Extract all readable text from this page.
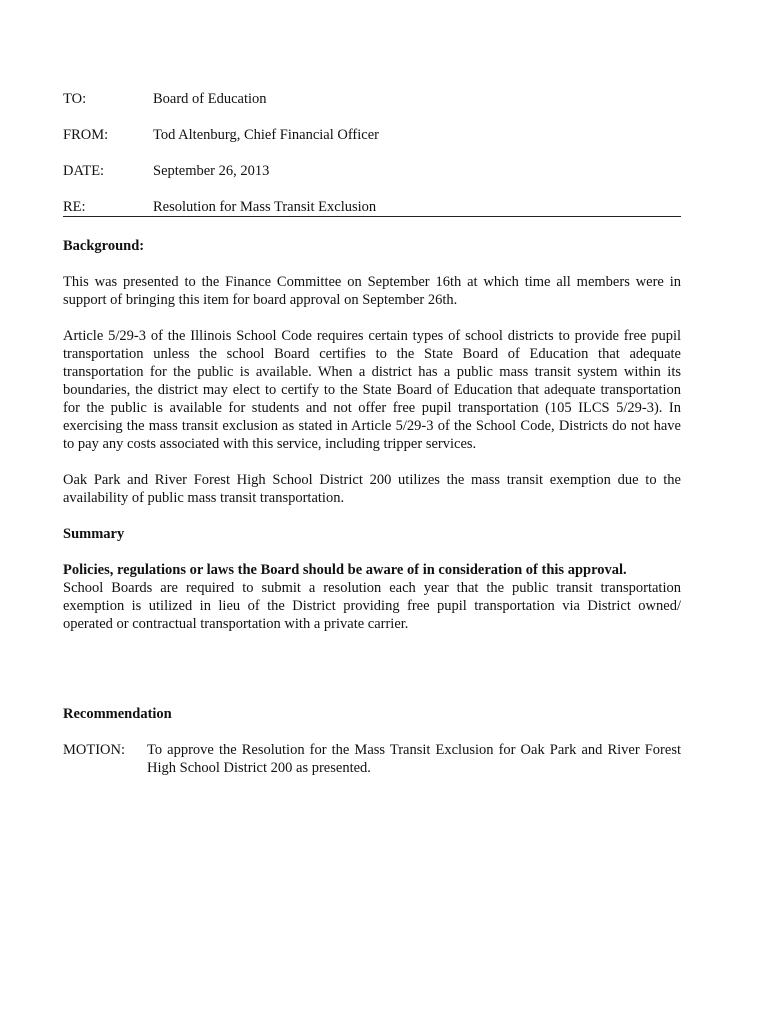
TO:	Board of Education
FROM:	Tod Altenburg, Chief Financial Officer
DATE:	September 26, 2013
RE:	Resolution for Mass Transit Exclusion
Background:

This was presented to the Finance Committee on September 16th at which time all members were in support of bringing this item for board approval on September 26th.

Article 5/29-3 of the Illinois School Code requires certain types of school districts to provide free pupil transportation unless the school Board certifies to the State Board of Education that adequate transportation for the public is available. When a district has a public mass transit system within its boundaries, the district may elect to certify to the State Board of Education that adequate transportation for the public is available for students and not offer free pupil transportation (105 ILCS 5/29-3). In exercising the mass transit exclusion as stated in Article 5/29-3 of the School Code, Districts do not have to pay any costs associated with this service, including tripper services.

Oak Park and River Forest High School District 200 utilizes the mass transit exemption due to the availability of public mass transit transportation.

Summary

Policies, regulations or laws the Board should be aware of in consideration of this approval.

School Boards are required to submit a resolution each year that the public transit transportation exemption is utilized in lieu of the District providing free pupil transportation via District owned/ operated or contractual transportation with a private carrier.

Recommendation
MOTION:	To approve the Resolution for the Mass Transit Exclusion for Oak Park and River Forest High School District 200 as presented.
